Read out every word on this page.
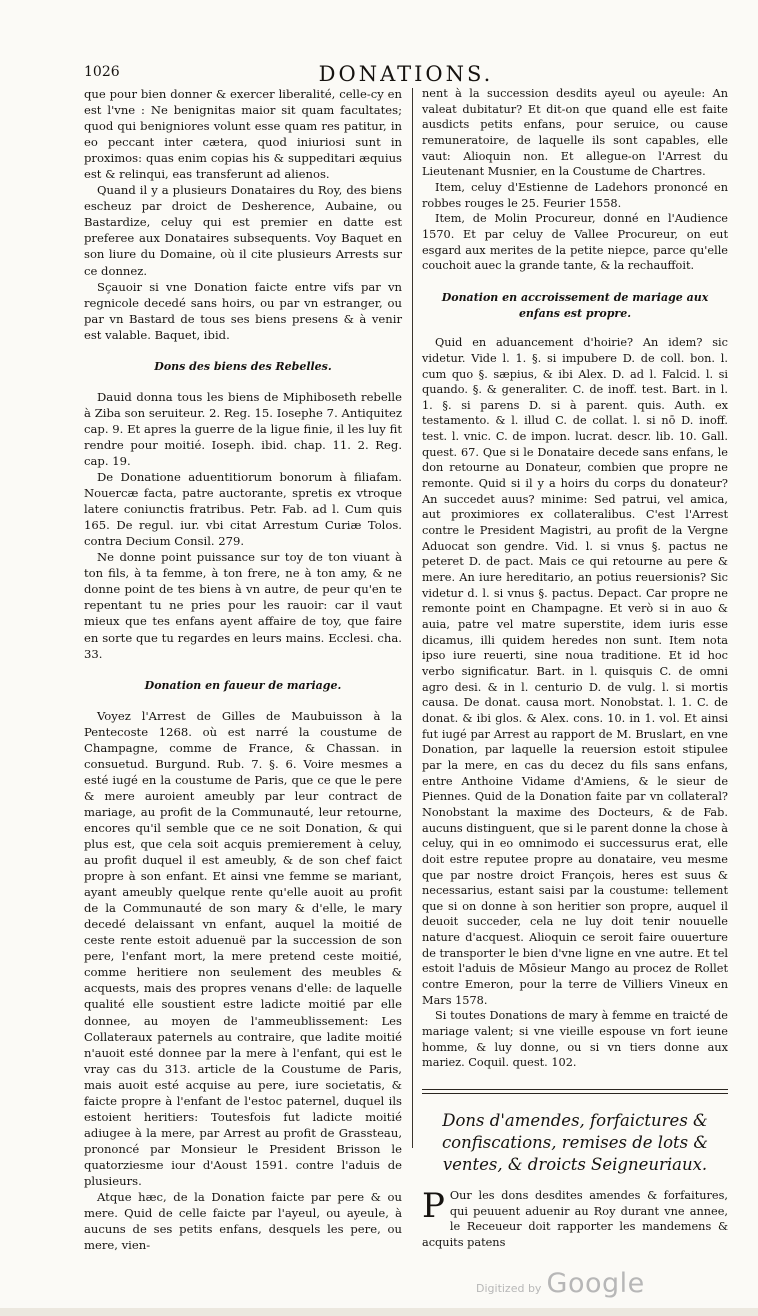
1026	DONATIONS.

que pour bien donner & exercer liberalité, celle-cy en est l'vne : Ne benignitas maior sit quam facultates; quod qui benigniores volunt esse quam res patitur, in eo peccant inter cætera, quod iniuriosi sunt in proximos: quas enim copias his & suppeditari æquius est & relinqui, eas transferunt ad alienos.

Quand il y a plusieurs Donataires du Roy, des biens escheuz par droict de Desherence, Aubaine, ou Bastardize, celuy qui est premier en datte est preferee aux Donataires subsequents. Voy Baquet en son liure du Domaine, où il cite plusieurs Arrests sur ce donnez.

Sçauoir si vne Donation faicte entre vifs par vn regnicole decedé sans hoirs, ou par vn estranger, ou par vn Bastard de tous ses biens presens & à venir est valable. Baquet, ibid.

Dons des biens des Rebelles.

Dauid donna tous les biens de Miphiboseth rebelle à Ziba son seruiteur. 2. Reg. 15. Iosephe 7. Antiquitez cap. 9. Et apres la guerre de la ligue finie, il les luy fit rendre pour moitié. Ioseph. ibid. chap. 11. 2. Reg. cap. 19.

De Donatione aduentitiorum bonorum à filiafam. Nouercæ facta, patre auctorante, spretis ex vtroque latere coniunctis fratribus. Petr. Fab. ad l. Cum quis 165. De regul. iur. vbi citat Arrestum Curiæ Tolos. contra Decium Consil. 279.

Ne donne point puissance sur toy de ton viuant à ton fils, à ta femme, à ton frere, ne à ton amy, & ne donne point de tes biens à vn autre, de peur qu'en te repentant tu ne pries pour les rauoir: car il vaut mieux que tes enfans ayent affaire de toy, que faire en sorte que tu regardes en leurs mains. Ecclesi. cha. 33.

Donation en faueur de mariage.

Voyez l'Arrest de Gilles de Maubuisson à la Pentecoste 1268. où est narré la coustume de Champagne, comme de France, & Chassan. in consuetud. Burgund. Rub. 7. §. 6. Voire mesmes a esté iugé en la coustume de Paris, que ce que le pere & mere auroient ameubly par leur contract de mariage, au profit de la Communauté, leur retourne, encores qu'il semble que ce ne soit Donation, & qui plus est, que cela soit acquis premierement à celuy, au profit duquel il est ameubly, & de son chef faict propre à son enfant. Et ainsi vne femme se mariant, ayant ameubly quelque rente qu'elle auoit au profit de la Communauté de son mary & d'elle, le mary decedé delaissant vn enfant, auquel la moitié de ceste rente estoit aduenuë par la succession de son pere, l'enfant mort, la mere pretend ceste moitié, comme heritiere non seulement des meubles & acquests, mais des propres venans d'elle: de laquelle qualité elle soustient estre ladicte moitié par elle donnee, au moyen de l'ammeublissement: Les Collateraux paternels au contraire, que ladite moitié n'auoit esté donnee par la mere à l'enfant, qui est le vray cas du 313. article de la Coustume de Paris, mais auoit esté acquise au pere, iure societatis, & faicte propre à l'enfant de l'estoc paternel, duquel ils estoient heritiers: Toutesfois fut ladicte moitié adiugee à la mere, par Arrest au profit de Grassteau, prononcé par Monsieur le President Brisson le quatorziesme iour d'Aoust 1591. contre l'aduis de plusieurs.

Atque hæc, de la Donation faicte par pere & ou mere. Quid de celle faicte par l'ayeul, ou ayeule, à aucuns de ses petits enfans, desquels les pere, ou mere, vien-

nent à la succession desdits ayeul ou ayeule: An valeat dubitatur? Et dit-on que quand elle est faite ausdicts petits enfans, pour seruice, ou cause remuneratoire, de laquelle ils sont capables, elle vaut: Alioquin non. Et allegue-on l'Arrest du Lieutenant Musnier, en la Coustume de Chartres.

Item, celuy d'Estienne de Ladehors prononcé en robbes rouges le 25. Feurier 1558.

Item, de Molin Procureur, donné en l'Audience 1570. Et par celuy de Vallee Procureur, on eut esgard aux merites de la petite niepce, parce qu'elle couchoit auec la grande tante, & la rechauffoit.

Donation en accroissement de mariage aux enfans est propre.

Quid en aduancement d'hoirie? An idem? sic videtur. Vide l. 1. §. si impubere D. de coll. bon. l. cum quo §. sæpius, & ibi Alex. D. ad l. Falcid. l. si quando. §. & generaliter. C. de inoff. test. Bart. in l. 1. §. si parens D. si à parent. quis. Auth. ex testamento. & l. illud C. de collat. l. si nō D. inoff. test. l. vnic. C. de impon. lucrat. descr. lib. 10. Gall. quest. 67. Que si le Donataire decede sans enfans, le don retourne au Donateur, combien que propre ne remonte. Quid si il y a hoirs du corps du donateur? An succedet auus? minime: Sed patrui, vel amica, aut proximiores ex collateralibus. C'est l'Arrest contre le President Magistri, au profit de la Vergne Aduocat son gendre. Vid. l. si vnus §. pactus ne peteret D. de pact. Mais ce qui retourne au pere & mere. An iure hereditario, an potius reuersionis? Sic videtur d. l. si vnus §. pactus. Depact. Car propre ne remonte point en Champagne. Et verò si in auo & auia, patre vel matre superstite, idem iuris esse dicamus, illi quidem heredes non sunt. Item nota ipso iure reuerti, sine noua traditione. Et id hoc verbo significatur. Bart. in l. quisquis C. de omni agro desi. & in l. centurio D. de vulg. l. si mortis causa. De donat. causa mort. Nonobstat. l. 1. C. de donat. & ibi glos. & Alex. cons. 10. in 1. vol. Et ainsi fut iugé par Arrest au rapport de M. Bruslart, en vne Donation, par laquelle la reuersion estoit stipulee par la mere, en cas du decez du fils sans enfans, entre Anthoine Vidame d'Amiens, & le sieur de Piennes. Quid de la Donation faite par vn collateral? Nonobstant la maxime des Docteurs, & de Fab. aucuns distinguent, que si le parent donne la chose à celuy, qui in eo omnimodo ei successurus erat, elle doit estre reputee propre au donataire, veu mesme que par nostre droict François, heres est suus & necessarius, estant saisi par la coustume: tellement que si on donne à son heritier son propre, auquel il deuoit succeder, cela ne luy doit tenir nouuelle nature d'acquest. Alioquin ce seroit faire ouuerture de transporter le bien d'vne ligne en vne autre. Et tel estoit l'aduis de Mōsieur Mango au procez de Rollet contre Emeron, pour la terre de Villiers Vineux en Mars 1578.

Si toutes Donations de mary à femme en traicté de mariage valent; si vne vieille espouse vn fort ieune homme, & luy donne, ou si vn tiers donne aux mariez. Coquil. quest. 102.

Dons d'amendes, forfaictures & confiscations, remises de lots & ventes, & droicts Seigneuriaux.

P Our les dons desdites amendes & forfaitures, qui peuuent aduenir au Roy durant vne annee, le Receueur doit rapporter les mandemens & acquits patens

Digitized by Google
